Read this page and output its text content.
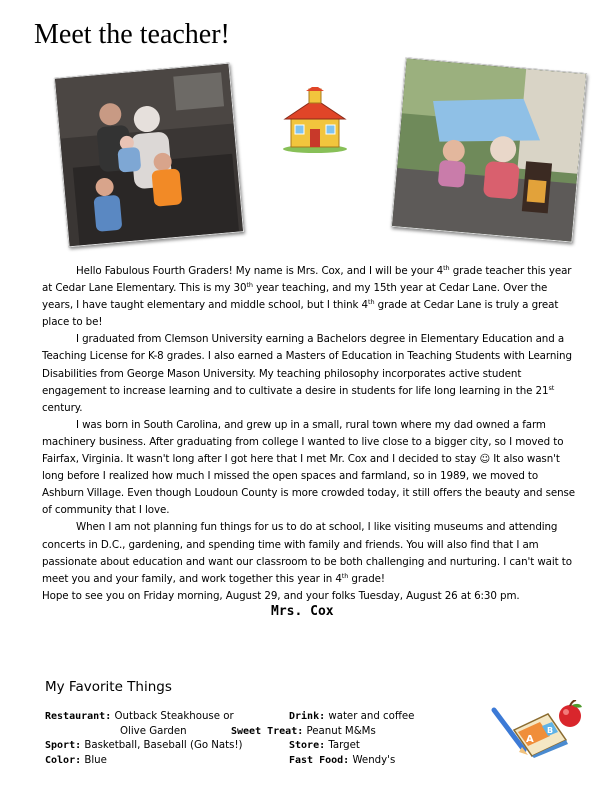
Meet the teacher!

Hello Fabulous Fourth Graders! My name is Mrs. Cox, and I will be your 4th grade teacher this year at Cedar Lane Elementary. This is my 30th year teaching, and my 15th year at Cedar Lane. Over the years, I have taught elementary and middle school, but I think 4th grade at Cedar Lane is truly a great place to be!

I graduated from Clemson University earning a Bachelors degree in Elementary Education and a Teaching License for K-8 grades. I also earned a Masters of Education in Teaching Students with Learning Disabilities from George Mason University. My teaching philosophy incorporates active student engagement to increase learning and to cultivate a desire in students for life long learning in the 21st century.

I was born in South Carolina, and grew up in a small, rural town where my dad owned a farm machinery business. After graduating from college I wanted to live close to a bigger city, so I moved to Fairfax, Virginia. It wasn't long after I got here that I met Mr. Cox and I decided to stay ☺ It also wasn't long before I realized how much I missed the open spaces and farmland, so in 1989, we moved to Ashburn Village. Even though Loudoun County is more crowded today, it still offers the beauty and sense of community that I love.

When I am not planning fun things for us to do at school, I like visiting museums and attending concerts in D.C., gardening, and spending time with family and friends. You will also find that I am passionate about education and want our classroom to be both challenging and nurturing. I can't wait to meet you and your family, and work together this year in 4th grade!

Hope to see you on Friday morning, August 29, and your folks Tuesday, August 26 at 6:30 pm.

Mrs. Cox
My Favorite Things
Restaurant: Outback Steakhouse or
Olive Garden
Sport: Basketball, Baseball (Go Nats!)
Color: Blue
Drink: water and coffee
Sweet Treat: Peanut M&Ms
Store: Target
Fast Food: Wendy's
A
B
